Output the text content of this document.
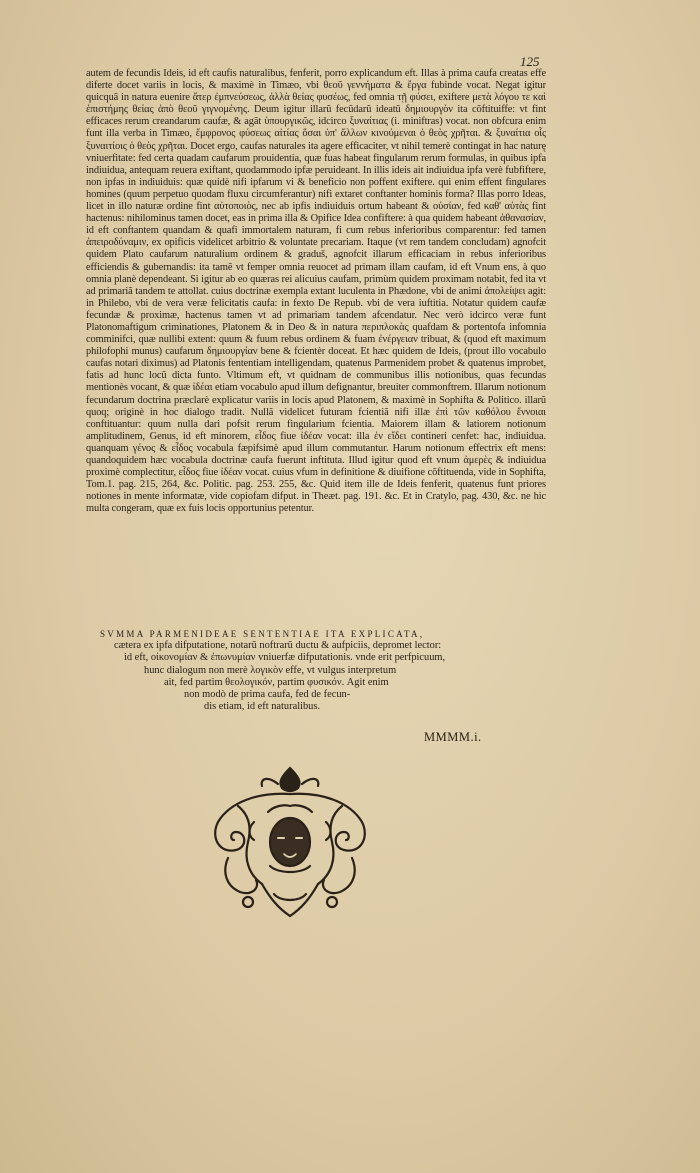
125

autem de fecundis Ideis, id eft caufis naturalibus, fenferit, porro explicandum eft. Illas à prima caufa creatas effe diferte docet variis in locis, & maximè in Timæo, vbi θεοῦ γεννήματα & ἔργα fubinde vocat. Negat igitur quicquã in natura euenire ἄτερ ἐμπνεύσεως, ἀλλὰ θείας φυσέως, fed omnia τῇ φύσει, exiftere μετὰ λόγου τε καὶ ἐπιστήμης θείας ἀπὸ θεοῦ γιγνομένης. Deum igitur illarũ fecũdarũ ideatũ δημιουργὸν ita cõftituiffe: vt fint efficaces rerum creandarum caufæ, & agãt ὑπουργικῶς, idcirco ξυναίτιας (i. miniftras) vocat. non obfcura enim funt illa verba in Timæo, ἔμφρονος φύσεως αἰτίας ὅσαι ὑπ' ἄλλων κινούμεναι ὁ θεὸς χρῆται. & ξυναίτια οἷς ξυναιτίοις ὁ θεὸς χρῆται. Docet ergo, caufas naturales ita agere efficaciter, vt nihil temerè contingat in hac naturę vniuerfitate: fed certa quadam caufarum prouidentia, quæ fuas habeat fingularum rerum formulas, in quibus ipfa indiuidua, antequam reuera exiftant, quodammodo ipfæ peruideant. In illis ideis ait indiuidua ipfa verè fubfiftere, non ipfas in indiuiduis: quæ quidè nifi ipfarum vi & beneficio non poffent exiftere. qui enim effent fingulares homines (quum perpetuo quodam fluxu circumferantur) nifi extaret conftanter hominis forma? Illas porro Ideas, licet in illo naturæ ordine fint αὐτοποιὸς, nec ab ipfis indiuiduis ortum habeant & οὐσίαν, fed καθ' αὑτὰς fint hactenus: nihilominus tamen docet, eas in prima illa & Opifice Idea confiftere: à qua quidem habeant ἀθανασίαν, id eft conftantem quandam & quafi immortalem naturam, fi cum rebus inferioribus comparentur: fed tamen ἀπειροδύναμιν, ex opificis videlicet arbitrio & voluntate precariam. Itaque (vt rem tandem concludam) agnofcit quidem Plato caufarum naturalium ordinem & graduš, agnofcit illarum efficaciam in rebus inferioribus efficiendis & gubernandis: ita tamẽ vt femper omnia reuocet ad primam illam caufam, id eft Vnum ens, à quo omnia planè dependeant. Si igitur ab eo quæras rei alicuius caufam, primùm quidem proximam notabit, fed ita vt ad primariã tandem te attollat. cuius doctrinæ exempla extant luculenta in Phædone, vbi de animi ἀπολείψει agit: in Philebo, vbi de vera veræ felicitatis caufa: in fexto De Repub. vbi de vera iuftitia. Notatur quidem caufæ fecundæ & proximæ, hactenus tamen vt ad primariam tandem afcendatur. Nec verò idcirco veræ funt Platonomaftigum criminationes, Platonem & in Deo & in natura περιπλοκὰς quafdam & portentofa infomnia comminifci, quæ nullibi extent: quum & fuum rebus ordinem & fuam ἐνέργειαν tribuat, & (quod eft maximum philofophi munus) caufarum δημιουργίαν bene & fcientèr doceat. Et hæc quidem de Ideis, (prout illo vocabulo caufas notari diximus) ad Platonis fententiam intelligendam, quatenus Parmenidem probet & quatenus improbet, fatis ad hunc locũ dicta funto. Vltimum eft, vt quidnam de communibus illis notionibus, quas fecundas mentionès vocant, & quæ ἰδέαι etiam vocabulo apud illum defignantur, breuiter commonftrem. Illarum notionum fecundarum doctrina præclarè explicatur variis in locis apud Platonem, & maximè in Sophifta & Politico. illarũ quoq; originè in hoc dialogo tradit. Nullã videlicet futuram fcientiã nifi illæ ἐπὶ τῶν καθόλου ἔννοιαι conftituantur: quum nulla dari pofsit rerum fingularium fcientia. Maiorem illam & latiorem notionum amplitudinem, Genus, id eft minorem, εἶδος fiue ἰδέαν vocat: illa ἐν εἴδει contineri cenfet: hac, indiuidua. quanquam γένος & εἶδος vocabula fæpifsimè apud illum commutantur. Harum notionum effectrix eft mens: quandoquidem hæc vocabula doctrinæ caufa fuerunt inftituta. Illud igitur quod eft vnum ἀμερὲς & indiuidua proximè complectitur, εἶδος fiue ἰδέαν vocat. cuius vfum in definitione & diuifione cõftituenda, vide in Sophifta, Tom.1. pag. 215, 264, &c. Politic. pag. 253. 255, &c. Quid item ille de Ideis fenferit, quatenus funt priores notiones in mente informatæ, vide copiofam difput. in Theæt. pag. 191. &c. Et in Cratylo, pag. 430, &c. ne hic multa congeram, quæ ex fuis locis opportunius petentur.

SVMMA PARMENIDEAE SENTENTIAE ITA EXPLICATA,
cætera ex ipfa difputatione, notarũ noftrarũ ductu & aufpiciis, depromet lector:
id eft, οἰκονομίαν & ἐπωνυμίαν vniuerfæ difputationis. vnde erit perfpicuum,
hunc dialogum non merè λογικὸν effe, vt vulgus interpretum
ait, fed partim θεολογικόν, partim φυσικόν. Agit enim
non modò de prima caufa, fed de fecun-
dis etiam, id eft naturalibus.
MMMM.i.
